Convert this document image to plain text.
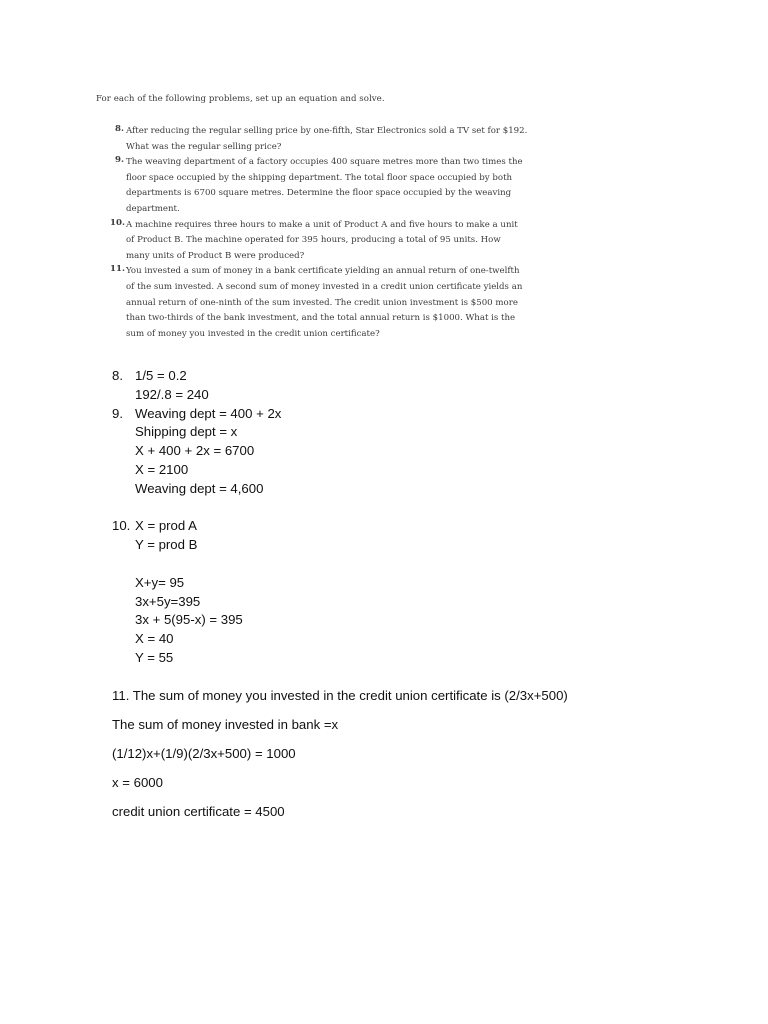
For each of the following problems, set up an equation and solve.
8. After reducing the regular selling price by one-fifth, Star Electronics sold a TV set for $192.
What was the regular selling price?
9. The weaving department of a factory occupies 400 square metres more than two times the
floor space occupied by the shipping department. The total floor space occupied by both
departments is 6700 square metres. Determine the floor space occupied by the weaving
department.
10. A machine requires three hours to make a unit of Product A and five hours to make a unit
of Product B. The machine operated for 395 hours, producing a total of 95 units. How
many units of Product B were produced?
11. You invested a sum of money in a bank certificate yielding an annual return of one-twelfth
of the sum invested. A second sum of money invested in a credit union certificate yields an
annual return of one-ninth of the sum invested. The credit union investment is $500 more
than two-thirds of the bank investment, and the total annual return is $1000. What is the
sum of money you invested in the credit union certificate?
8. 1/5 = 0.2
192/.8 = 240
9. Weaving dept = 400 + 2x
Shipping dept = x
X + 400 + 2x = 6700
X = 2100
Weaving dept = 4,600
10. X = prod A
Y = prod B
X+y= 95
3x+5y=395
3x + 5(95-x) = 395
X = 40
Y = 55
11. The sum of money you invested in the credit union certificate is (2/3x+500)
The sum of money invested in bank =x
(1/12)x+(1/9)(2/3x+500) = 1000
x = 6000
credit union certificate = 4500
